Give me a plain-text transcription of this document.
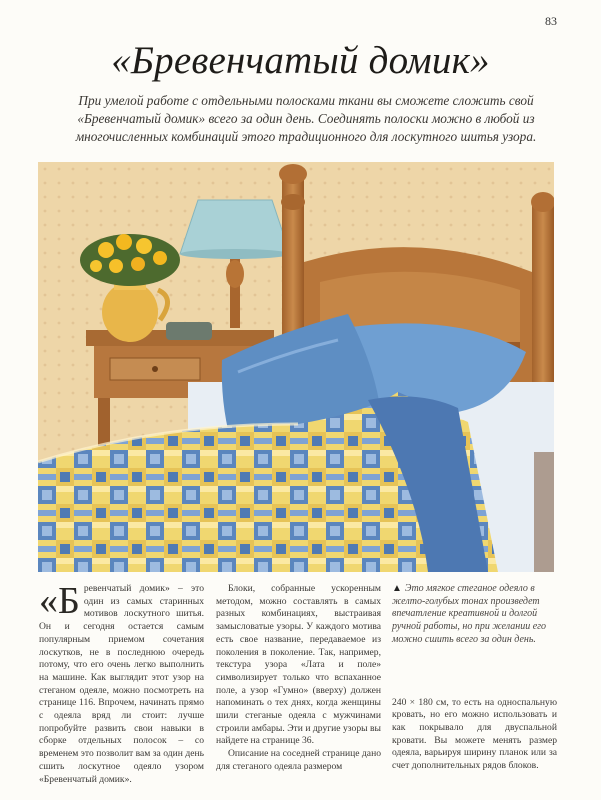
83
«Бревенчатый домик»
При умелой работе с отдельными полосками ткани вы сможете сложить свой «Бревенчатый домик» всего за один день. Соединять полоски можно в любой из многочисленных комбинаций этого традиционного для лоскутного шитья узора.
«Бревенчатый домик» – это один из самых старинных мотивов лоскутного шитья. Он и сегодня остается самым популярным приемом сочетания лоскутков, не в последнюю очередь потому, что его очень легко выполнить на машине. Как выглядит этот узор на стеганом одеяле, можно посмотреть на странице 116. Впрочем, начинать прямо с одеяла вряд ли стоит: лучше попробуйте развить свои навыки в сборке отдельных полосок – со временем это позволит вам за один день сшить лоскутное одеяло узором «Бревенчатый домик».
Блоки, собранные ускоренным методом, можно составлять в самых разных комбинациях, выстраивая замысловатые узоры. У каждого мотива есть свое название, передаваемое из поколения в поколение. Так, например, текстура узора «Лата и поле» символизирует только что вспаханное поле, а узор «Гумно» (вверху) должен напоминать о тех днях, когда женщины шили стеганые одеяла с мужчинами строили амбары. Эти и другие узоры вы найдете на странице 36.
Описание на соседней странице дано для стеганого одеяла размером
▲ Это мягкое стеганое одеяло в желто-голубых тонах произведет впечатление креативной и долгой ручной работы, но при желании его можно сшить всего за один день.
240 × 180 см, то есть на односпальную кровать, но его можно использовать и как покрывало для двуспальной кровати. Вы можете менять размер одеяла, варьируя ширину планок или за счет дополнительных рядов блоков.
